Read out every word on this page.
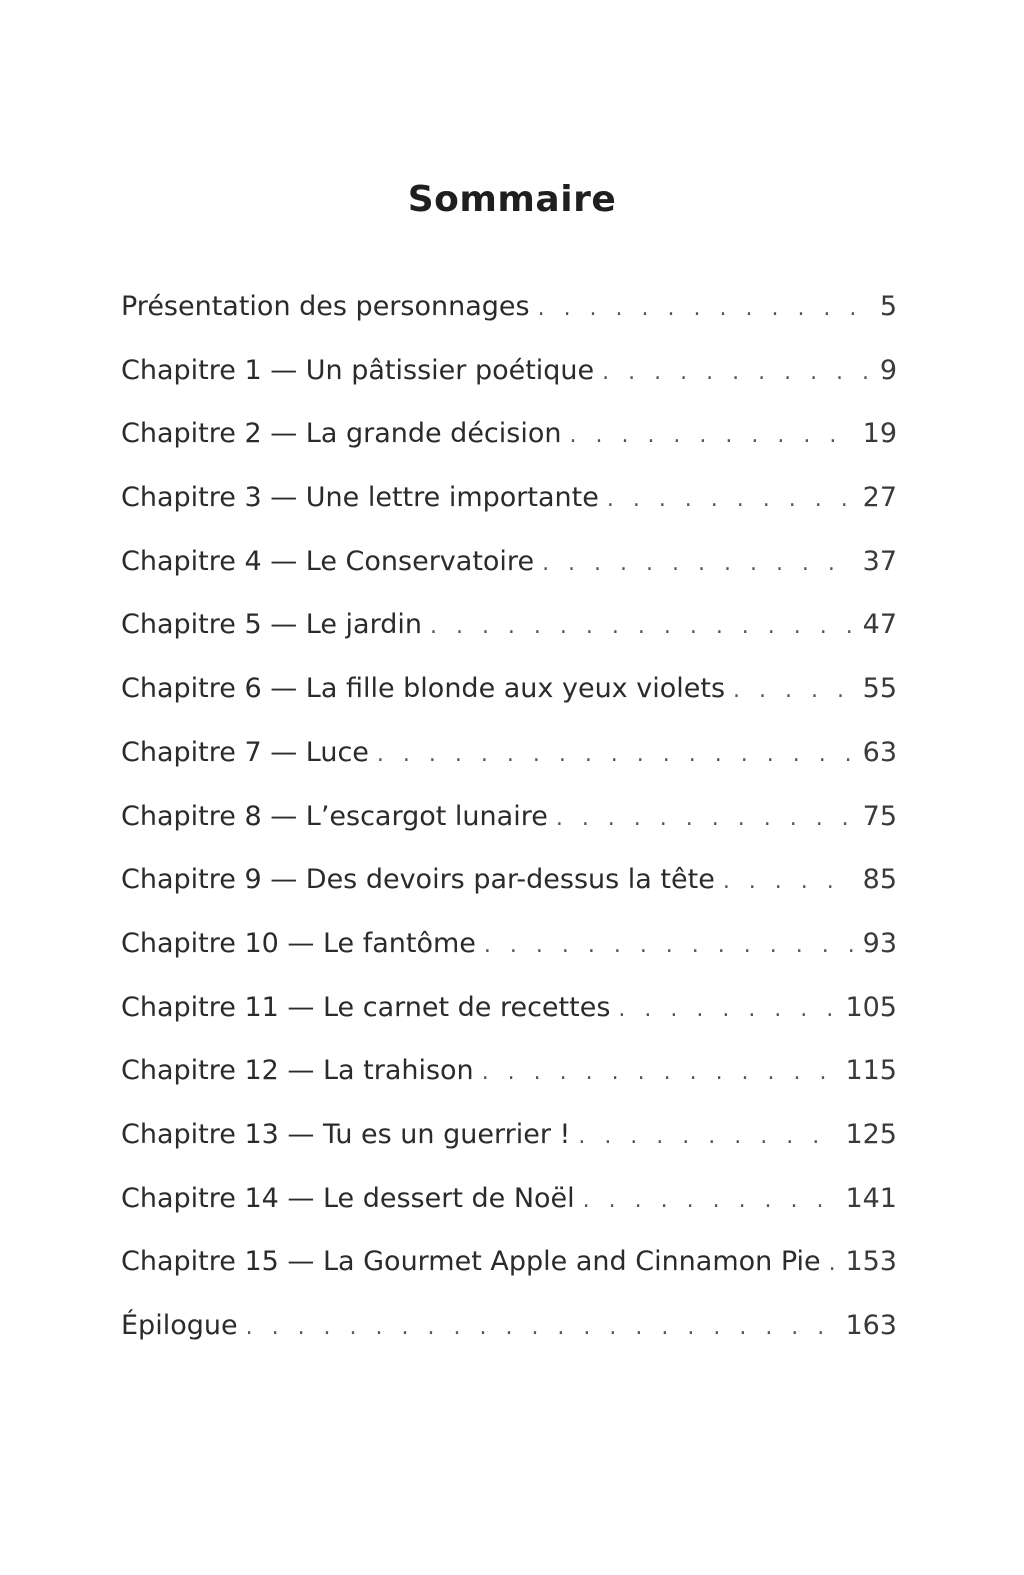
Sommaire
Présentation des personnages . . .	5
Chapitre 1 — Un pâtissier poétique . . .	9
Chapitre 2 — La grande décision . . .	19
Chapitre 3 — Une lettre importante . . .	27
Chapitre 4 — Le Conservatoire . . .	37
Chapitre 5 — Le jardin . . .	47
Chapitre 6 — La fille blonde aux yeux violets . . .	55
Chapitre 7 — Luce . . .	63
Chapitre 8 — L’escargot lunaire . . .	75
Chapitre 9 — Des devoirs par-dessus la tête . . .	85
Chapitre 10 — Le fantôme . . .	93
Chapitre 11 — Le carnet de recettes . . .	105
Chapitre 12 — La trahison . . .	115
Chapitre 13 — Tu es un guerrier ! . . .	125
Chapitre 14 — Le dessert de Noël . . .	141
Chapitre 15 — La Gourmet Apple and Cinnamon Pie . . . 153
Épilogue . . .	163
